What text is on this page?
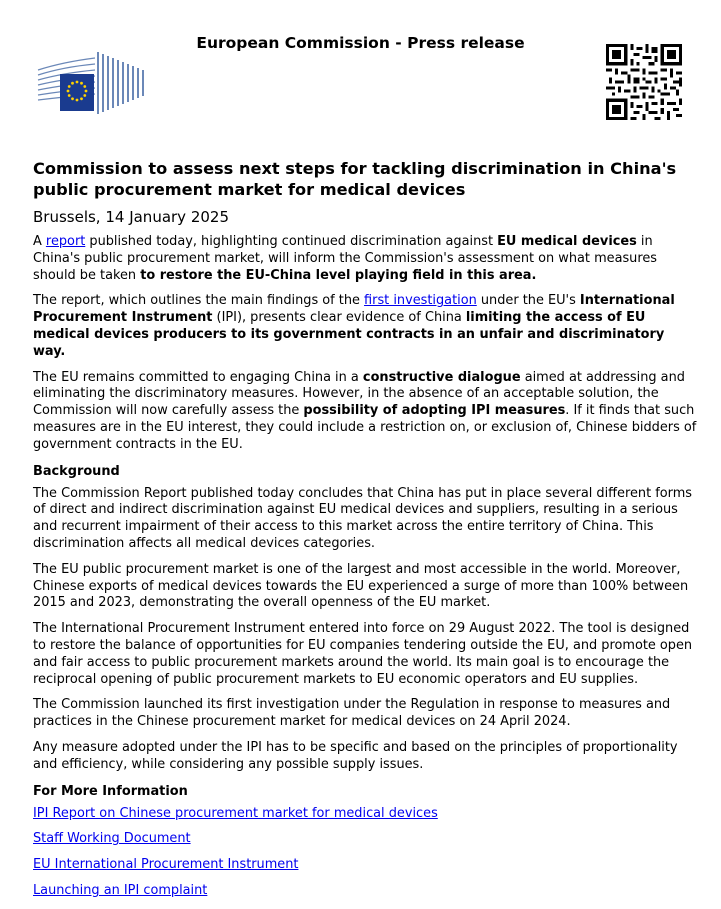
European Commission - Press release
Commission to assess next steps for tackling discrimination in China's public procurement market for medical devices
Brussels, 14 January 2025

A report published today, highlighting continued discrimination against EU medical devices in China's public procurement market, will inform the Commission's assessment on what measures should be taken to restore the EU-China level playing field in this area.

The report, which outlines the main findings of the first investigation under the EU's International Procurement Instrument (IPI), presents clear evidence of China limiting the access of EU medical devices producers to its government contracts in an unfair and discriminatory way.

The EU remains committed to engaging China in a constructive dialogue aimed at addressing and eliminating the discriminatory measures. However, in the absence of an acceptable solution, the Commission will now carefully assess the possibility of adopting IPI measures. If it finds that such measures are in the EU interest, they could include a restriction on, or exclusion of, Chinese bidders of government contracts in the EU.

Background

The Commission Report published today concludes that China has put in place several different forms of direct and indirect discrimination against EU medical devices and suppliers, resulting in a serious and recurrent impairment of their access to this market across the entire territory of China. This discrimination affects all medical devices categories.

The EU public procurement market is one of the largest and most accessible in the world. Moreover, Chinese exports of medical devices towards the EU experienced a surge of more than 100% between 2015 and 2023, demonstrating the overall openness of the EU market.

The International Procurement Instrument entered into force on 29 August 2022. The tool is designed to restore the balance of opportunities for EU companies tendering outside the EU, and promote open and fair access to public procurement markets around the world. Its main goal is to encourage the reciprocal opening of public procurement markets to EU economic operators and EU supplies.

The Commission launched its first investigation under the Regulation in response to measures and practices in the Chinese procurement market for medical devices on 24 April 2024.

Any measure adopted under the IPI has to be specific and based on the principles of proportionality and efficiency, while considering any possible supply issues.

For More Information
IPI Report on Chinese procurement market for medical devices
Staff Working Document
EU International Procurement Instrument
Launching an IPI complaint
